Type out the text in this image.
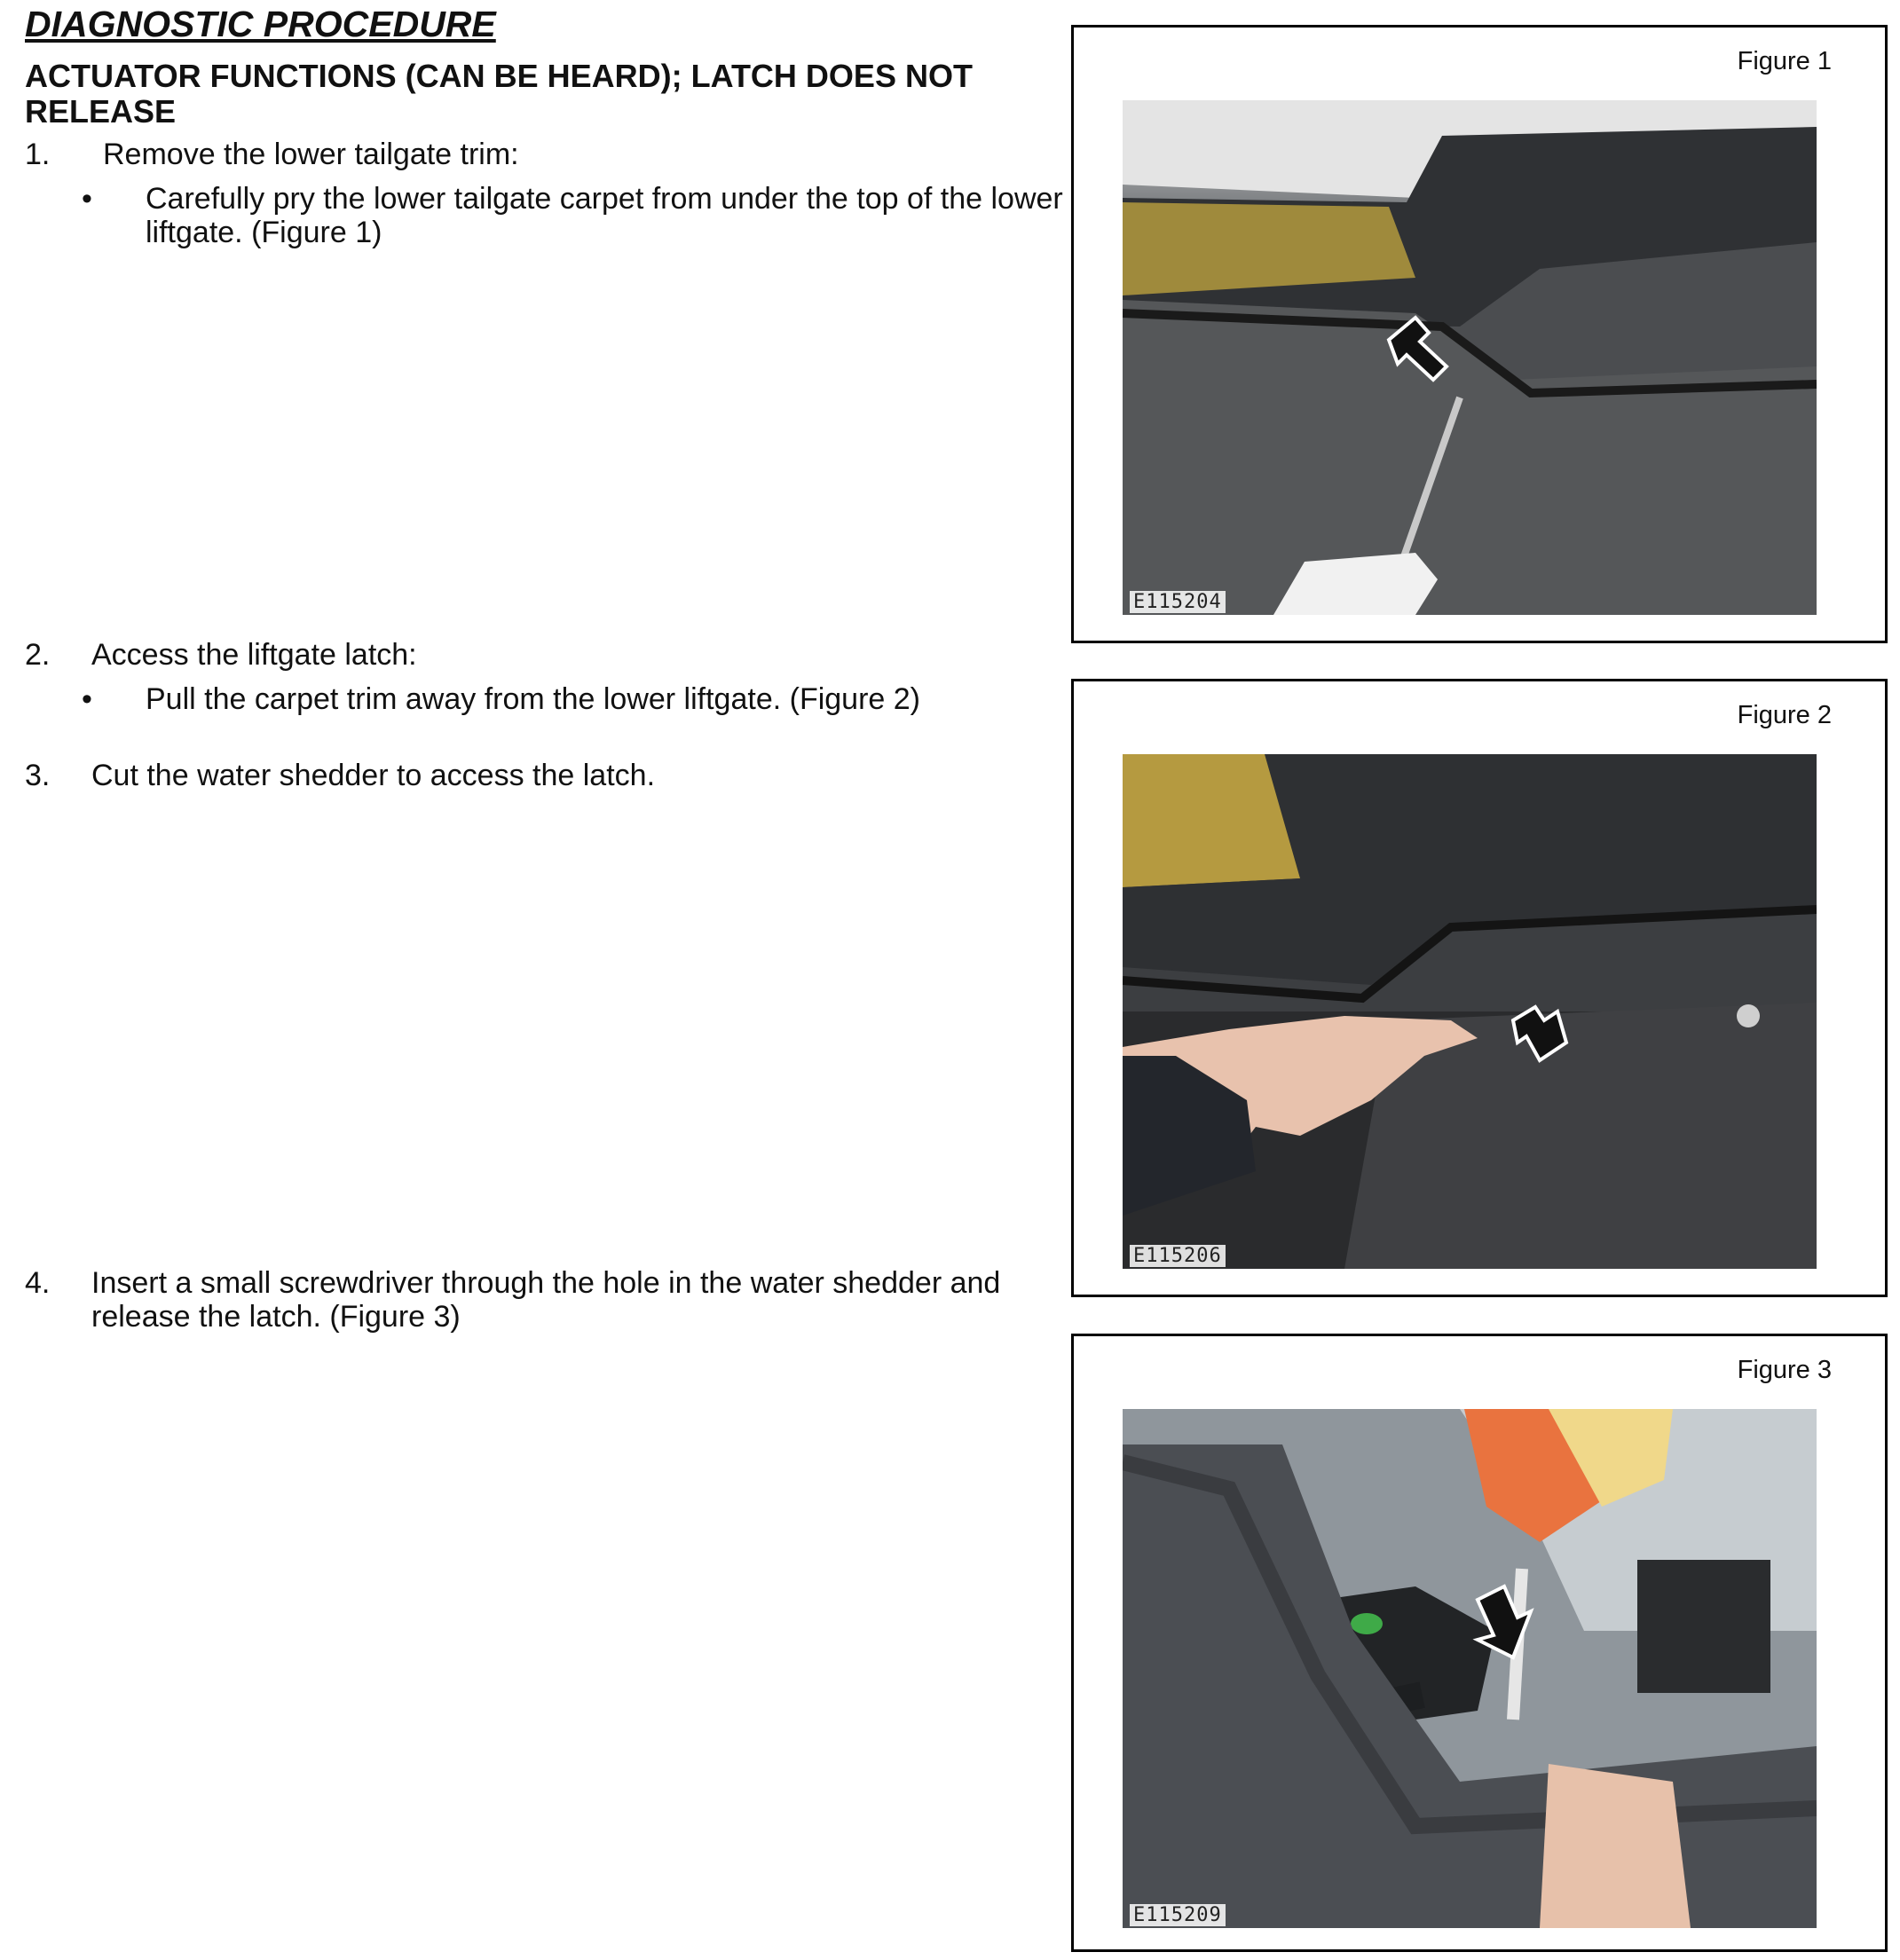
DIAGNOSTIC PROCEDURE
ACTUATOR FUNCTIONS (CAN BE HEARD); LATCH DOES NOT RELEASE
1. Remove the lower tailgate trim:
• Carefully pry the lower tailgate carpet from under the top of the lower liftgate. (Figure 1)
2. Access the liftgate latch:
• Pull the carpet trim away from the lower liftgate. (Figure 2)
3. Cut the water shedder to access the latch.
4. Insert a small screwdriver through the hole in the water shedder and release the latch. (Figure 3)
Figure 1
E115204
Figure 2
E115206
Figure 3
E115209
